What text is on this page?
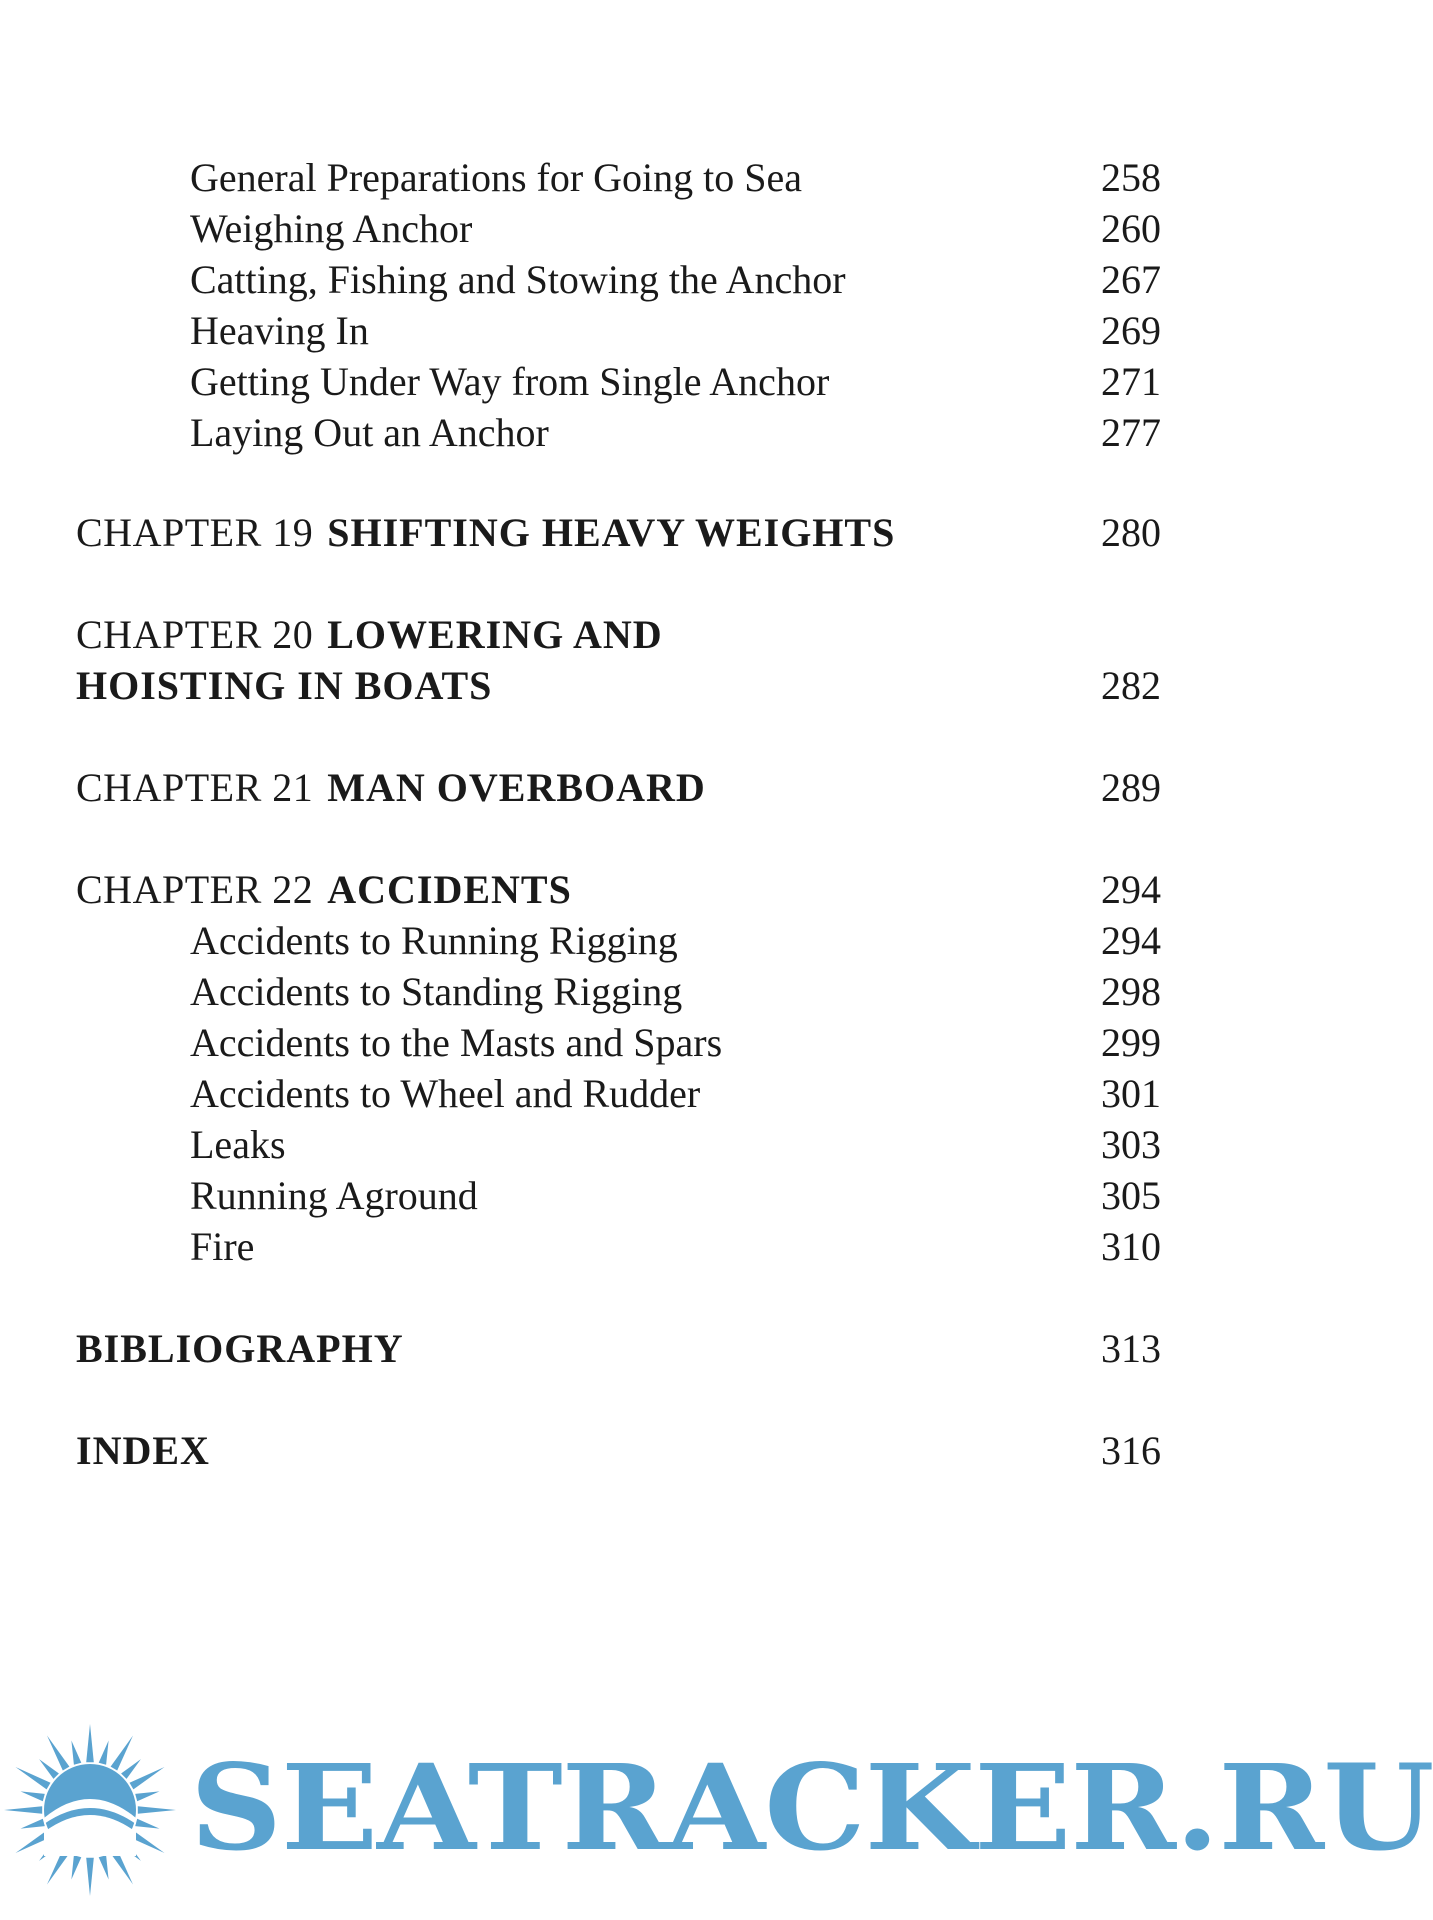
General Preparations for Going to Sea	258
Weighing Anchor	260
Catting, Fishing and Stowing the Anchor	267
Heaving In	269
Getting Under Way from Single Anchor	271
Laying Out an Anchor	277
CHAPTER 19 SHIFTING HEAVY WEIGHTS	280
CHAPTER 20 LOWERING AND
HOISTING IN BOATS	282
CHAPTER 21 MAN OVERBOARD	289
CHAPTER 22 ACCIDENTS	294
Accidents to Running Rigging	294
Accidents to Standing Rigging	298
Accidents to the Masts and Spars	299
Accidents to Wheel and Rudder	301
Leaks	303
Running Aground	305
Fire	310
BIBLIOGRAPHY	313
INDEX	316
SEATRACKER.RU
